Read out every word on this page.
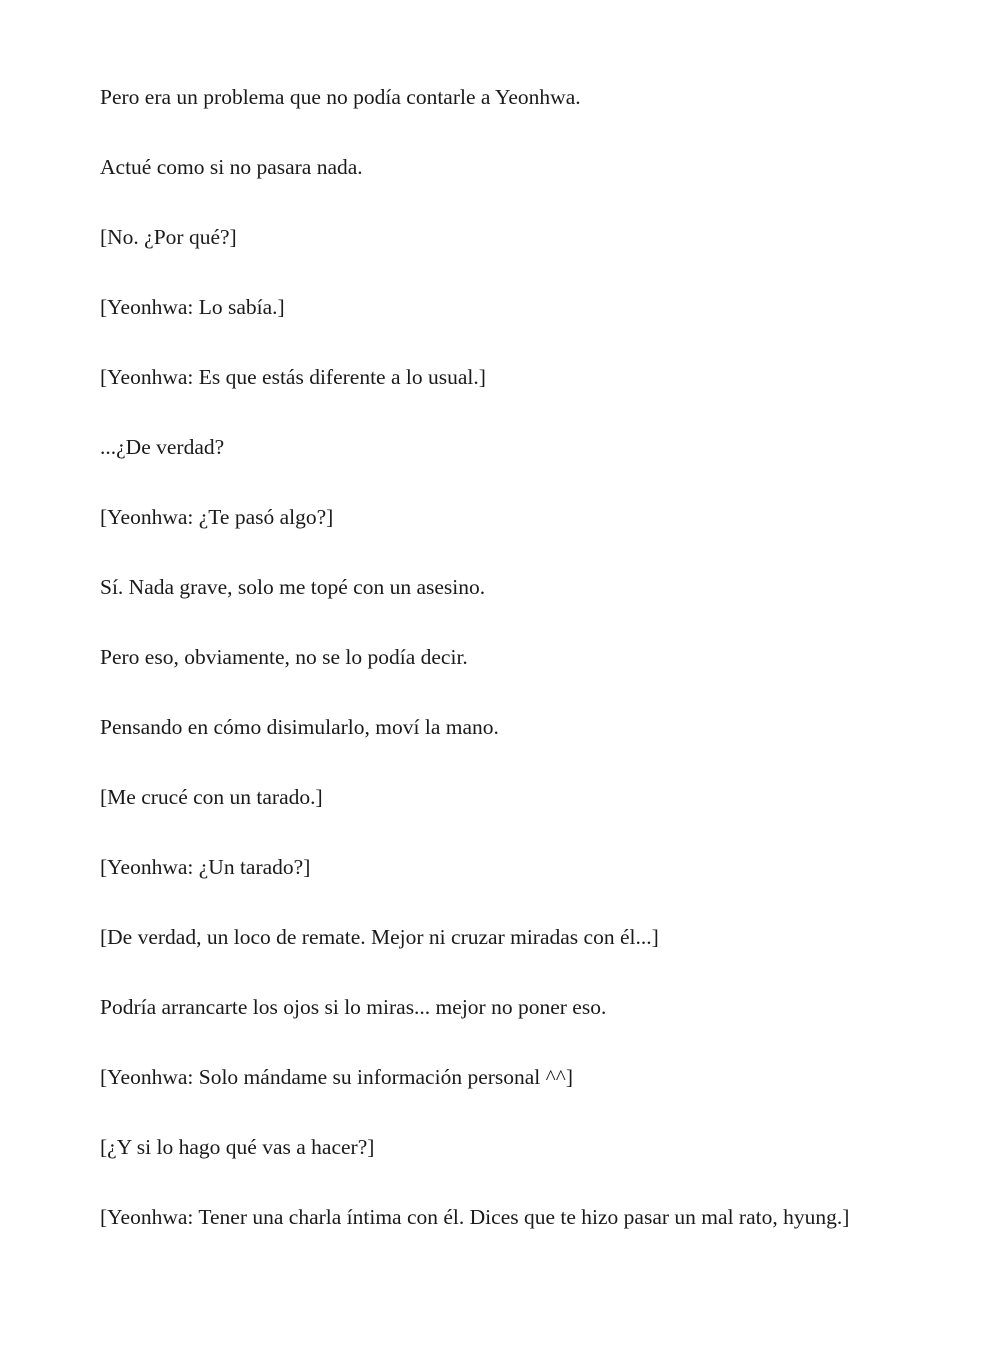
Pero era un problema que no podía contarle a Yeonhwa.

Actué como si no pasara nada.

[No. ¿Por qué?]

[Yeonhwa: Lo sabía.]

[Yeonhwa: Es que estás diferente a lo usual.]

...¿De verdad?

[Yeonhwa: ¿Te pasó algo?]

Sí. Nada grave, solo me topé con un asesino.

Pero eso, obviamente, no se lo podía decir.

Pensando en cómo disimularlo, moví la mano.

[Me crucé con un tarado.]

[Yeonhwa: ¿Un tarado?]

[De verdad, un loco de remate. Mejor ni cruzar miradas con él...]

Podría arrancarte los ojos si lo miras... mejor no poner eso.

[Yeonhwa: Solo mándame su información personal ^^]

[¿Y si lo hago qué vas a hacer?]

[Yeonhwa: Tener una charla íntima con él. Dices que te hizo pasar un mal rato, hyung.]
